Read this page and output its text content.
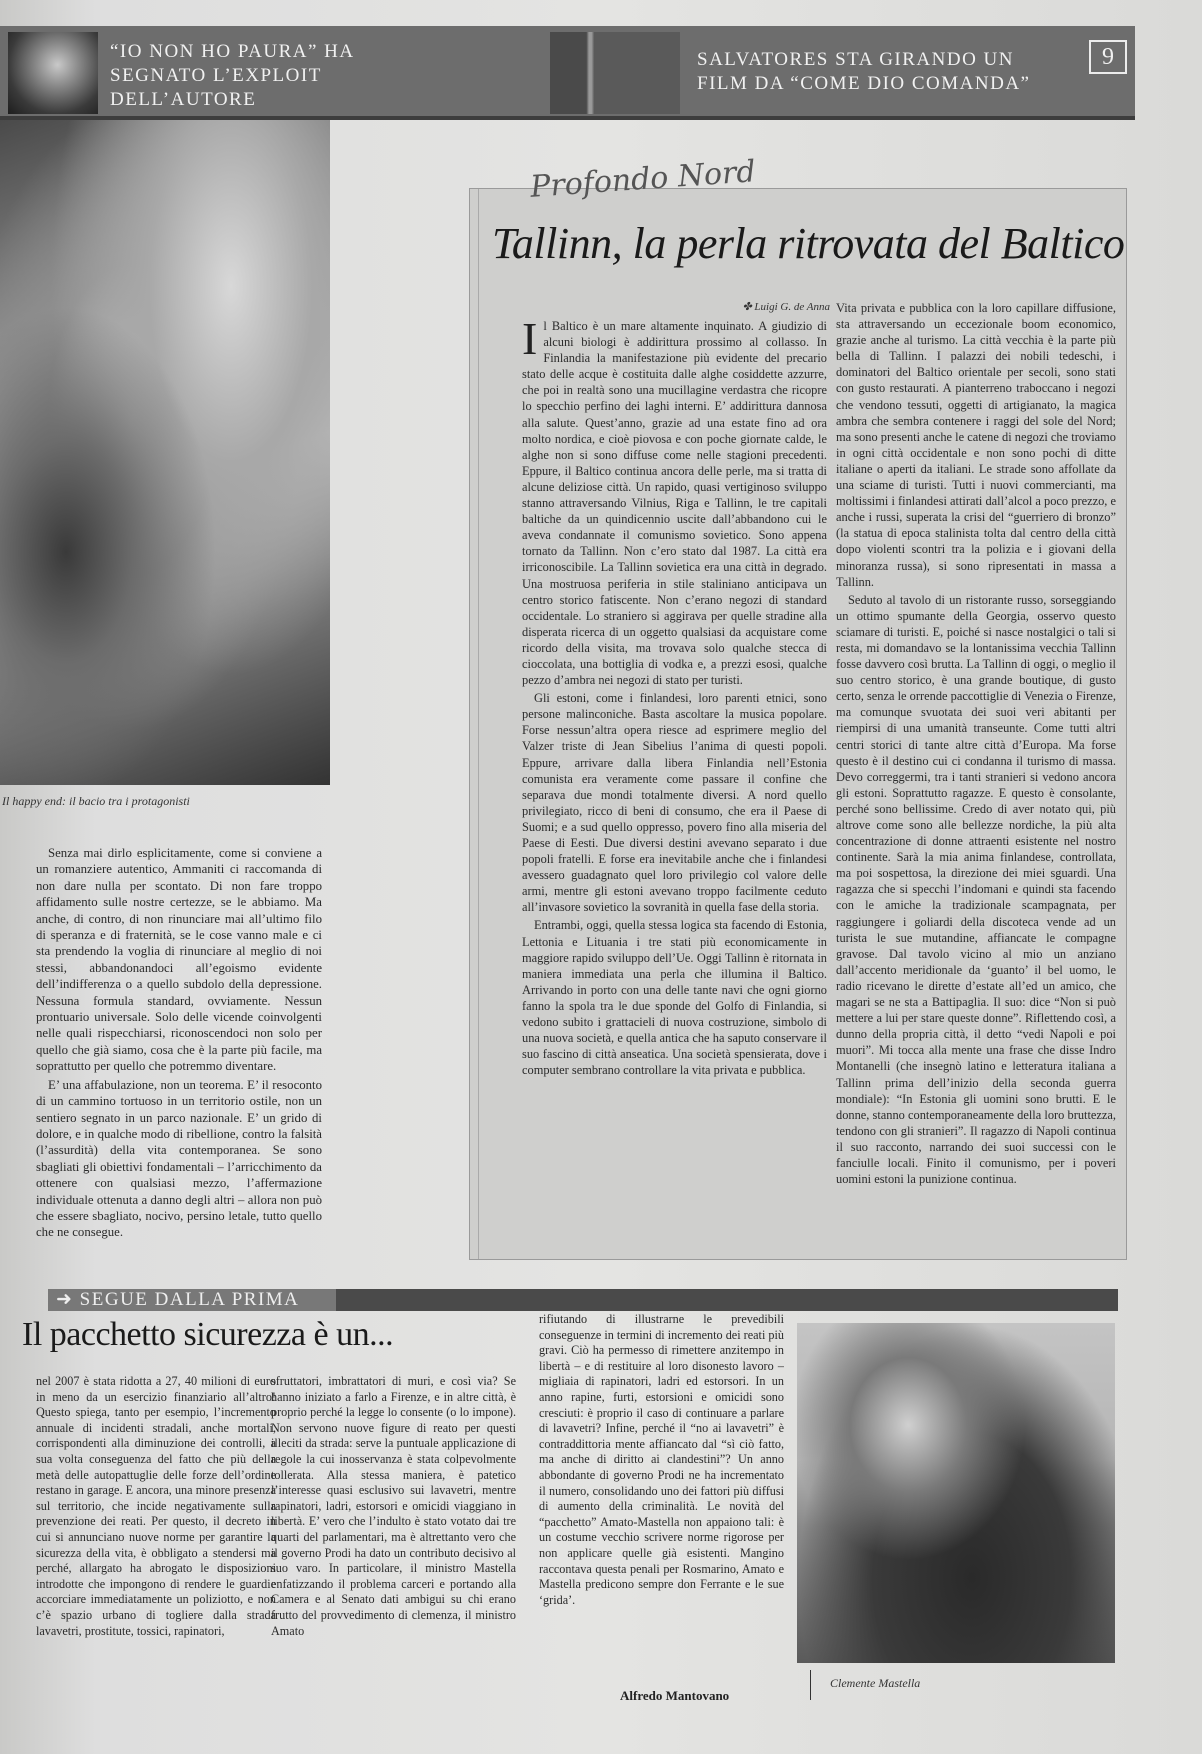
“IO NON HO PAURA” HA SEGNATO L’EXPLOIT DELL’AUTORE
SALVATORES STA GIRANDO UN FILM DA “COME DIO COMANDA”
9
Il happy end: il bacio tra i protagonisti

Senza mai dirlo esplicitamente, come si conviene a un romanziere autentico, Ammaniti ci raccomanda di non dare nulla per scontato. Di non fare troppo affidamento sulle nostre certezze, se le abbiamo. Ma anche, di contro, di non rinunciare mai all’ultimo filo di speranza e di fraternità, se le cose vanno male e ci sta prendendo la voglia di rinunciare al meglio di noi stessi, abbandonandoci all’egoismo evidente dell’indifferenza o a quello subdolo della depressione. Nessuna formula standard, ovviamente. Nessun prontuario universale. Solo delle vicende coinvolgenti nelle quali rispecchiarsi, riconoscendoci non solo per quello che già siamo, cosa che è la parte più facile, ma soprattutto per quello che potremmo diventare.

E’ una affabulazione, non un teorema. E’ il resoconto di un cammino tortuoso in un territorio ostile, non un sentiero segnato in un parco nazionale. E’ un grido di dolore, e in qualche modo di ribellione, contro la falsità (l’assurdità) della vita contemporanea. Se sono sbagliati gli obiettivi fondamentali – l’arricchimento da ottenere con qualsiasi mezzo, l’affermazione individuale ottenuta a danno degli altri – allora non può che essere sbagliato, nocivo, persino letale, tutto quello che ne consegue.

Profondo Nord
Tallinn, la perla ritrovata del Baltico
✤ Luigi G. de Anna
I l Baltico è un mare altamente inquinato. A giudizio di alcuni biologi è addirittura prossimo al collasso. In Finlandia la manifestazione più evidente del precario stato delle acque è costituita dalle alghe cosiddette azzurre, che poi in realtà sono una mucillagine verdastra che ricopre lo specchio perfino dei laghi interni. E’ addirittura dannosa alla salute. Quest’anno, grazie ad una estate fino ad ora molto nordica, e cioè piovosa e con poche giornate calde, le alghe non si sono diffuse come nelle stagioni precedenti. Eppure, il Baltico continua ancora delle perle, ma si tratta di alcune deliziose città. Un rapido, quasi vertiginoso sviluppo stanno attraversando Vilnius, Riga e Tallinn, le tre capitali baltiche da un quindicennio uscite dall’abbandono cui le aveva condannate il comunismo sovietico. Sono appena tornato da Tallinn. Non c’ero stato dal 1987. La città era irriconoscibile. La Tallinn sovietica era una città in degrado. Una mostruosa periferia in stile staliniano anticipava un centro storico fatiscente. Non c’erano negozi di standard occidentale. Lo straniero si aggirava per quelle stradine alla disperata ricerca di un oggetto qualsiasi da acquistare come ricordo della visita, ma trovava solo qualche stecca di cioccolata, una bottiglia di vodka e, a prezzi esosi, qualche pezzo d’ambra nei negozi di stato per turisti.

Gli estoni, come i finlandesi, loro parenti etnici, sono persone malinconiche. Basta ascoltare la musica popolare. Forse nessun’altra opera riesce ad esprimere meglio del Valzer triste di Jean Sibelius l’anima di questi popoli. Eppure, arrivare dalla libera Finlandia nell’Estonia comunista era veramente come passare il confine che separava due mondi totalmente diversi. A nord quello privilegiato, ricco di beni di consumo, che era il Paese di Suomi; e a sud quello oppresso, povero fino alla miseria del Paese di Eesti. Due diversi destini avevano separato i due popoli fratelli. E forse era inevitabile anche che i finlandesi avessero guadagnato quel loro privilegio col valore delle armi, mentre gli estoni avevano troppo facilmente ceduto all’invasore sovietico la sovranità in quella fase della storia.

Entrambi, oggi, quella stessa logica sta facendo di Estonia, Lettonia e Lituania i tre stati più economicamente in maggiore rapido sviluppo dell’Ue. Oggi Tallinn è ritornata in maniera immediata una perla che illumina il Baltico. Arrivando in porto con una delle tante navi che ogni giorno fanno la spola tra le due sponde del Golfo di Finlandia, si vedono subito i grattacieli di nuova costruzione, simbolo di una nuova società, e quella antica che ha saputo conservare il suo fascino di città anseatica. Una società spensierata, dove i computer sembrano controllare la vita privata e pubblica.

Vita privata e pubblica con la loro capillare diffusione, sta attraversando un eccezionale boom economico, grazie anche al turismo. La città vecchia è la parte più bella di Tallinn. I palazzi dei nobili tedeschi, i dominatori del Baltico orientale per secoli, sono stati con gusto restaurati. A pianterreno traboccano i negozi che vendono tessuti, oggetti di artigianato, la magica ambra che sembra contenere i raggi del sole del Nord; ma sono presenti anche le catene di negozi che troviamo in ogni città occidentale e non sono pochi di ditte italiane o aperti da italiani. Le strade sono affollate da una sciame di turisti. Tutti i nuovi commercianti, ma moltissimi i finlandesi attirati dall’alcol a poco prezzo, e anche i russi, superata la crisi del “guerriero di bronzo” (la statua di epoca stalinista tolta dal centro della città dopo violenti scontri tra la polizia e i giovani della minoranza russa), si sono ripresentati in massa a Tallinn.

Seduto al tavolo di un ristorante russo, sorseggiando un ottimo spumante della Georgia, osservo questo sciamare di turisti. E, poiché si nasce nostalgici o tali si resta, mi domandavo se la lontanissima vecchia Tallinn fosse davvero così brutta. La Tallinn di oggi, o meglio il suo centro storico, è una grande boutique, di gusto certo, senza le orrende paccottiglie di Venezia o Firenze, ma comunque svuotata dei suoi veri abitanti per riempirsi di una umanità transeunte. Come tutti altri centri storici di tante altre città d’Europa. Ma forse questo è il destino cui ci condanna il turismo di massa. Devo correggermi, tra i tanti stranieri si vedono ancora gli estoni. Soprattutto ragazze. E questo è consolante, perché sono bellissime. Credo di aver notato qui, più altrove come sono alle bellezze nordiche, la più alta concentrazione di donne attraenti esistente nel nostro continente. Sarà la mia anima finlandese, controllata, ma poi sospettosa, la direzione dei miei sguardi. Una ragazza che si specchi l’indomani e quindi sta facendo con le amiche la tradizionale scampagnata, per raggiungere i goliardi della discoteca vende ad un turista le sue mutandine, affiancate le compagne gravose. Dal tavolo vicino al mio un anziano dall’accento meridionale da ‘guanto’ il bel uomo, le radio ricevano le dirette d’estate all’ed un amico, che magari se ne sta a Battipaglia. Il suo: dice “Non si può mettere a lui per stare queste donne”. Riflettendo così, a dunno della propria città, il detto “vedi Napoli e poi muori”. Mi tocca alla mente una frase che disse Indro Montanelli (che insegnò latino e letteratura italiana a Tallinn prima dell’inizio della seconda guerra mondiale): “In Estonia gli uomini sono brutti. E le donne, stanno contemporaneamente della loro bruttezza, tendono con gli stranieri”. Il ragazzo di Napoli continua il suo racconto, narrando dei suoi successi con le fanciulle locali. Finito il comunismo, per i poveri uomini estoni la punizione continua.

➜ SEGUE DALLA PRIMA
Il pacchetto sicurezza è un...

nel 2007 è stata ridotta a 27, 40 milioni di euro in meno da un esercizio finanziario all’altro! Questo spiega, tanto per esempio, l’incremento annuale di incidenti stradali, anche mortali, corrispondenti alla diminuzione dei controlli, a sua volta conseguenza del fatto che più della metà delle autopattuglie delle forze dell’ordine restano in garage. E ancora, una minore presenza sul territorio, che incide negativamente sulla prevenzione dei reati. Per questo, il decreto in cui si annunciano nuove norme per garantire la sicurezza della vita, è obbligato a stendersi ma perché, allargato ha abrogato le disposizioni introdotte che impongono di rendere le guardie accorciare immediatamente un poliziotto, e non c’è spazio urbano di togliere dalla strada lavavetri, prostitute, tossici, rapinatori,

sfruttatori, imbrattatori di muri, e così via? Se hanno iniziato a farlo a Firenze, e in altre città, è proprio perché la legge lo consente (o lo impone). Non servono nuove figure di reato per questi illeciti da strada: serve la puntuale applicazione di regole la cui inosservanza è stata colpevolmente tollerata. Alla stessa maniera, è patetico l’interesse quasi esclusivo sui lavavetri, mentre rapinatori, ladri, estorsori e omicidi viaggiano in libertà. E’ vero che l’indulto è stato votato dai tre quarti del parlamentari, ma è altrettanto vero che il governo Prodi ha dato un contributo decisivo al suo varo. In particolare, il ministro Mastella enfatizzando il problema carceri e portando alla Camera e al Senato dati ambigui su chi erano frutto del provvedimento di clemenza, il ministro Amato

rifiutando di illustrarne le prevedibili conseguenze in termini di incremento dei reati più gravi. Ciò ha permesso di rimettere anzitempo in libertà – e di restituire al loro disonesto lavoro – migliaia di rapinatori, ladri ed estorsori. In un anno rapine, furti, estorsioni e omicidi sono cresciuti: è proprio il caso di continuare a parlare di lavavetri? Infine, perché il “no ai lavavetri” è contraddittoria mente affiancato dal “sì ciò fatto, ma anche di diritto ai clandestini”? Un anno abbondante di governo Prodi ne ha incrementato il numero, consolidando uno dei fattori più diffusi di aumento della criminalità. Le novità del “pacchetto” Amato-Mastella non appaiono tali: è un costume vecchio scrivere norme rigorose per non applicare quelle già esistenti. Mangino raccontava questa penali per Rosmarino, Amato e Mastella predicono sempre don Ferrante e le sue ‘grida’.

Alfredo Mantovano
Clemente Mastella
